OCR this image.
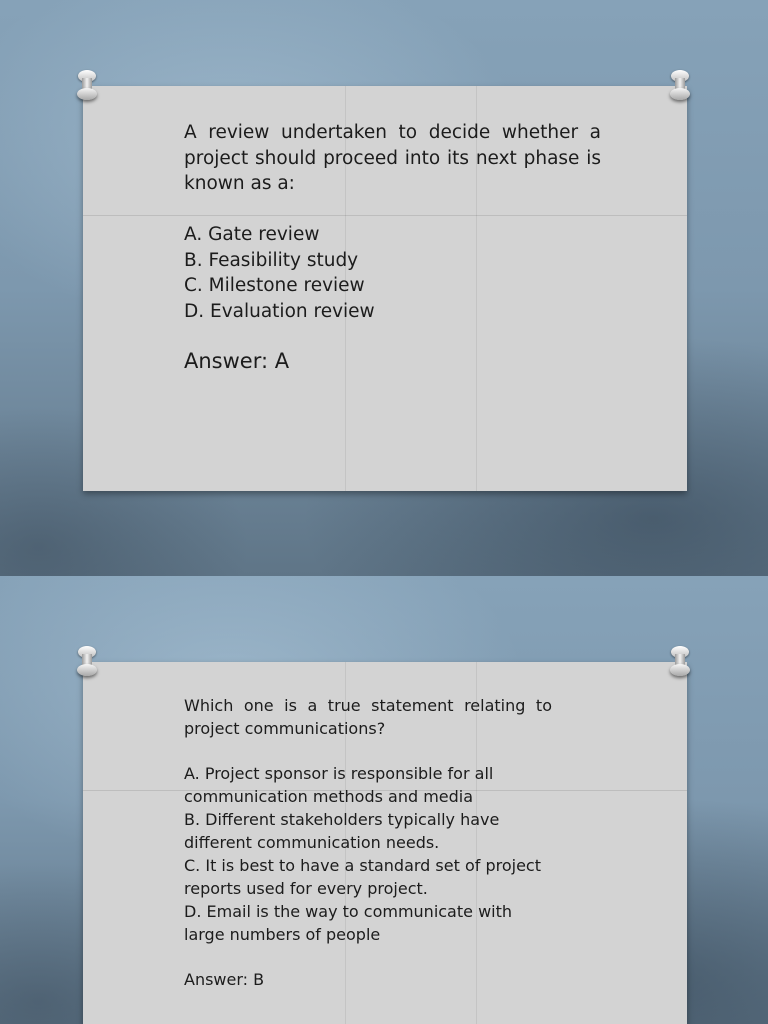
A review undertaken to decide whether a project should proceed into its next phase is known as a:
A. Gate review
B. Feasibility study
C. Milestone review
D. Evaluation review
Answer: A
Which one is a true statement relating to project communications?
A. Project sponsor is responsible for all
communication methods and media
B. Different stakeholders typically have
different communication needs.
C. It is best to have a standard set of project
reports used for every project.
D. Email is the way to communicate with
large numbers of people
Answer: B
